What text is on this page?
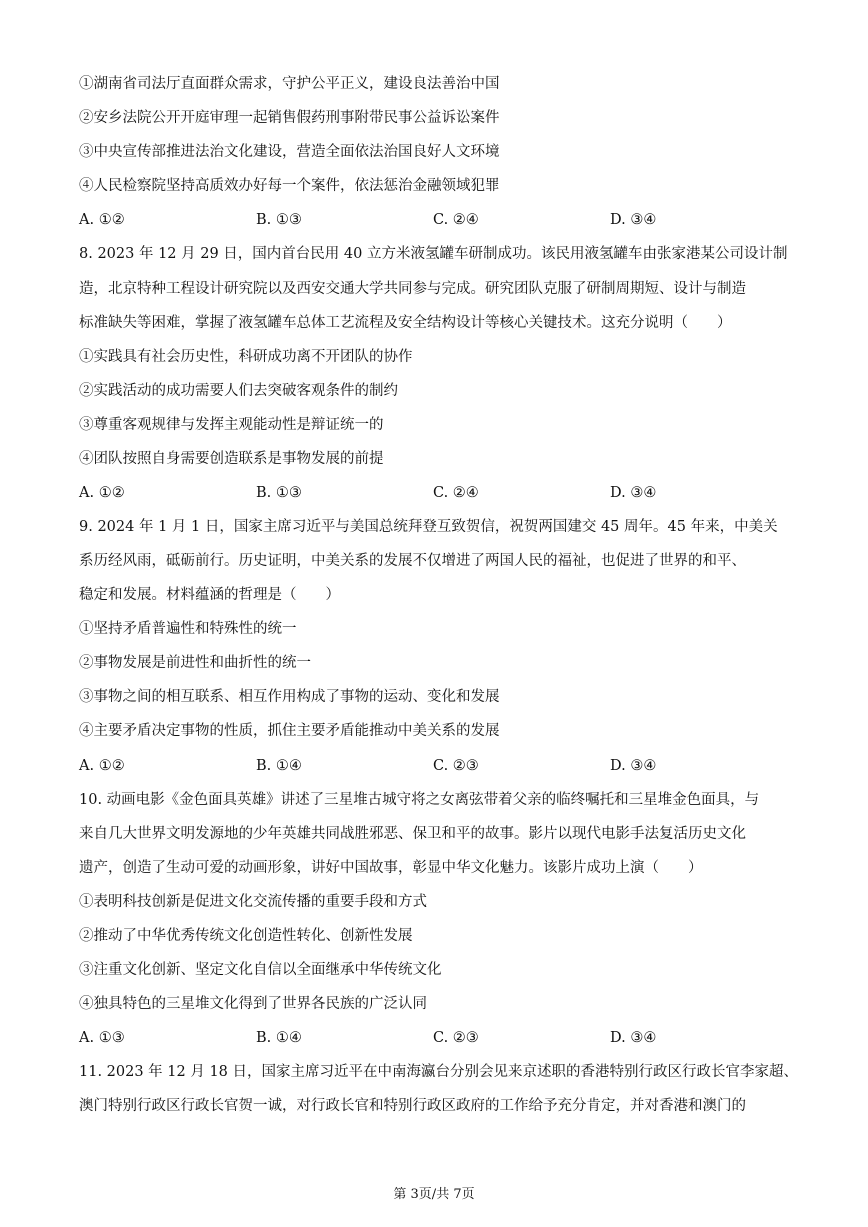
①湖南省司法厅直面群众需求，守护公平正义，建设良法善治中国
②安乡法院公开开庭审理一起销售假药刑事附带民事公益诉讼案件
③中央宣传部推进法治文化建设，营造全面依法治国良好人文环境
④人民检察院坚持高质效办好每一个案件，依法惩治金融领域犯罪
A. ①②	B. ①③	C. ②④	D. ③④
8. 2023 年 12 月 29 日，国内首台民用 40 立方米液氢罐车研制成功。该民用液氢罐车由张家港某公司设计制
造，北京特种工程设计研究院以及西安交通大学共同参与完成。研究团队克服了研制周期短、设计与制造
标准缺失等困难，掌握了液氢罐车总体工艺流程及安全结构设计等核心关键技术。这充分说明（　　）
①实践具有社会历史性，科研成功离不开团队的协作
②实践活动的成功需要人们去突破客观条件的制约
③尊重客观规律与发挥主观能动性是辩证统一的
④团队按照自身需要创造联系是事物发展的前提
A. ①②	B. ①③	C. ②④	D. ③④
9. 2024 年 1 月 1 日，国家主席习近平与美国总统拜登互致贺信，祝贺两国建交 45 周年。45 年来，中美关
系历经风雨，砥砺前行。历史证明，中美关系的发展不仅增进了两国人民的福祉，也促进了世界的和平、
稳定和发展。材料蕴涵的哲理是（　　）
①坚持矛盾普遍性和特殊性的统一
②事物发展是前进性和曲折性的统一
③事物之间的相互联系、相互作用构成了事物的运动、变化和发展
④主要矛盾决定事物的性质，抓住主要矛盾能推动中美关系的发展
A. ①②	B. ①④	C. ②③	D. ③④
10. 动画电影《金色面具英雄》讲述了三星堆古城守将之女离弦带着父亲的临终嘱托和三星堆金色面具，与
来自几大世界文明发源地的少年英雄共同战胜邪恶、保卫和平的故事。影片以现代电影手法复活历史文化
遗产，创造了生动可爱的动画形象，讲好中国故事，彰显中华文化魅力。该影片成功上演（　　）
①表明科技创新是促进文化交流传播的重要手段和方式
②推动了中华优秀传统文化创造性转化、创新性发展
③注重文化创新、坚定文化自信以全面继承中华传统文化
④独具特色的三星堆文化得到了世界各民族的广泛认同
A. ①③	B. ①④	C. ②③	D. ③④
11. 2023 年 12 月 18 日，国家主席习近平在中南海瀛台分别会见来京述职的香港特别行政区行政长官李家超、
澳门特别行政区行政长官贺一诚，对行政长官和特别行政区政府的工作给予充分肯定，并对香港和澳门的
第 3页/共 7页
